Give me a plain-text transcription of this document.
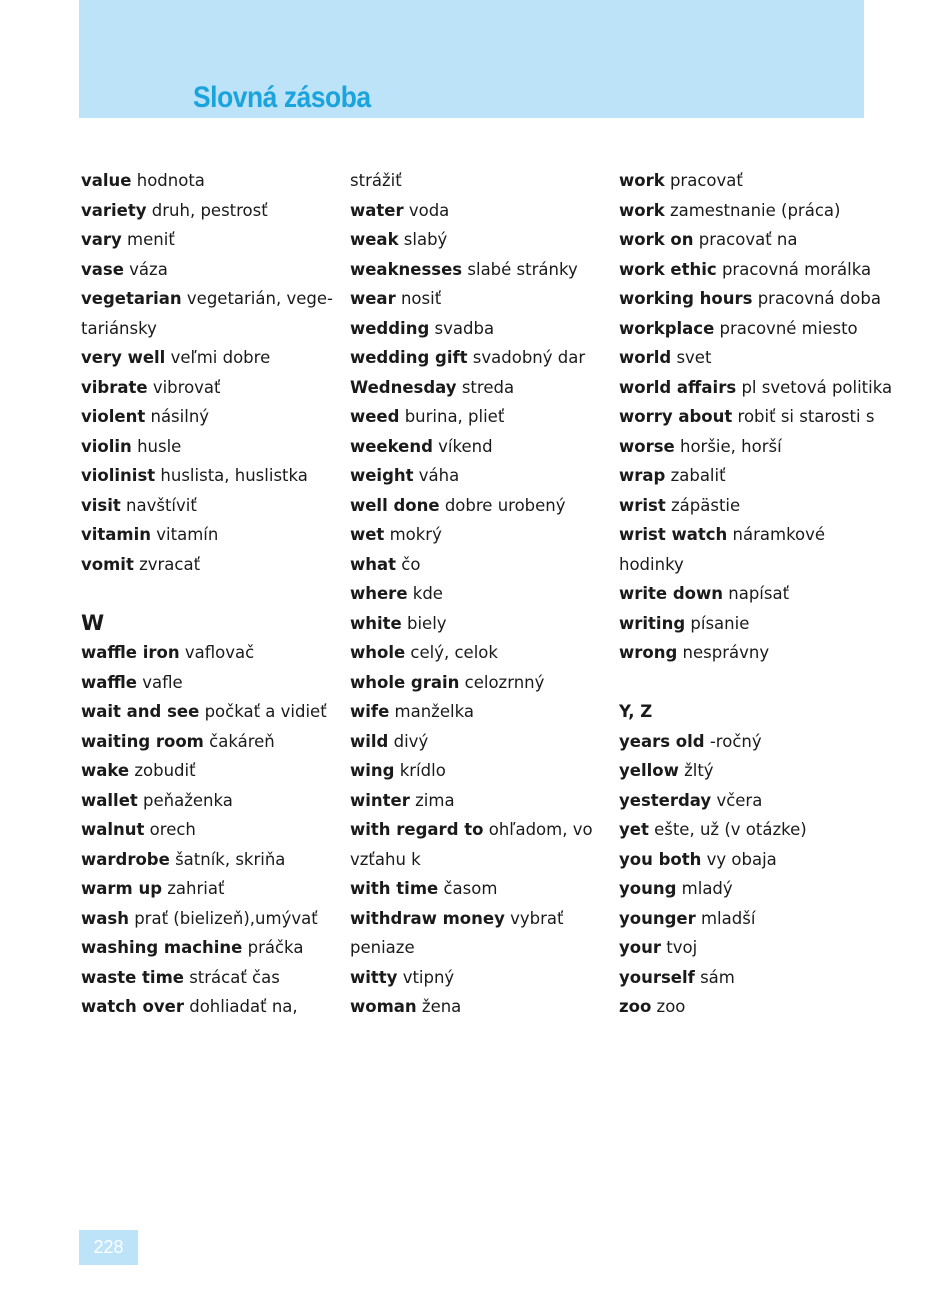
Slovná zásoba
value hodnota
variety druh, pestrosť
vary meniť
vase váza
vegetarian vegetarián, vege-
tariánsky
very well veľmi dobre
vibrate vibrovať
violent násilný
violin husle
violinist huslista, huslistka
visit navštíviť
vitamin vitamín
vomit zvracať
W
waffle iron vaflovač
waffle vafle
wait and see počkať a vidieť
waiting room čakáreň
wake zobudiť
wallet peňaženka
walnut orech
wardrobe šatník, skriňa
warm up zahriať
wash prať (bielizeň),umývať
washing machine práčka
waste time strácať čas
watch over dohliadať na,
strážiť
water voda
weak slabý
weaknesses slabé stránky
wear nosiť
wedding svadba
wedding gift svadobný dar
Wednesday streda
weed burina, plieť
weekend víkend
weight váha
well done dobre urobený
wet mokrý
what čo
where kde
white biely
whole celý, celok
whole grain celozrnný
wife manželka
wild divý
wing krídlo
winter zima
with regard to ohľadom, vo
vzťahu k
with time časom
withdraw money vybrať
peniaze
witty vtipný
woman žena
work pracovať
work zamestnanie (práca)
work on pracovať na
work ethic pracovná morálka
working hours pracovná doba
workplace pracovné miesto
world svet
world affairs pl svetová politika
worry about robiť si starosti s
worse horšie, horší
wrap zabaliť
wrist zápästie
wrist watch náramkové
hodinky
write down napísať
writing písanie
wrong nesprávny
Y, Z
years old -ročný
yellow žltý
yesterday včera
yet ešte, už (v otázke)
you both vy obaja
young mladý
younger mladší
your tvoj
yourself sám
zoo zoo
228
